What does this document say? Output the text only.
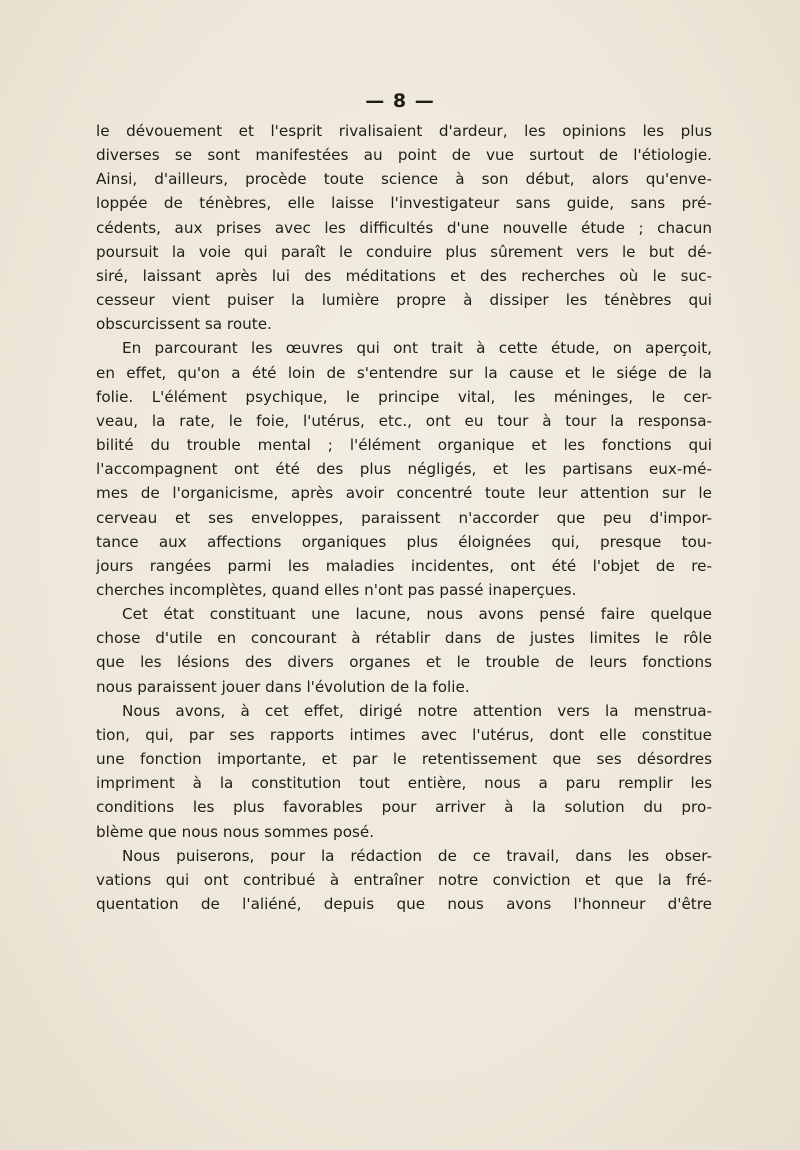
— 8 —
le dévouement et l'esprit rivalisaient d'ardeur, les opinions les plus
diverses se sont manifestées au point de vue surtout de l'étiologie.
Ainsi, d'ailleurs, procède toute science à son début, alors qu'enve-
loppée de ténèbres, elle laisse l'investigateur sans guide, sans pré-
cédents, aux prises avec les difficultés d'une nouvelle étude ; chacun
poursuit la voie qui paraît le conduire plus sûrement vers le but dé-
siré, laissant après lui des méditations et des recherches où le suc-
cesseur vient puiser la lumière propre à dissiper les ténèbres qui
obscurcissent sa route.
En parcourant les œuvres qui ont trait à cette étude, on aperçoit,
en effet, qu'on a été loin de s'entendre sur la cause et le siége de la
folie. L'élément psychique, le principe vital, les méninges, le cer-
veau, la rate, le foie, l'utérus, etc., ont eu tour à tour la responsa-
bilité du trouble mental ; l'élément organique et les fonctions qui
l'accompagnent ont été des plus négligés, et les partisans eux-mé-
mes de l'organicisme, après avoir concentré toute leur attention sur le
cerveau et ses enveloppes, paraissent n'accorder que peu d'impor-
tance aux affections organiques plus éloignées qui, presque tou-
jours rangées parmi les maladies incidentes, ont été l'objet de re-
cherches incomplètes, quand elles n'ont pas passé inaperçues.
Cet état constituant une lacune, nous avons pensé faire quelque
chose d'utile en concourant à rétablir dans de justes limites le rôle
que les lésions des divers organes et le trouble de leurs fonctions
nous paraissent jouer dans l'évolution de la folie.
Nous avons, à cet effet, dirigé notre attention vers la menstrua-
tion, qui, par ses rapports intimes avec l'utérus, dont elle constitue
une fonction importante, et par le retentissement que ses désordres
impriment à la constitution tout entière, nous a paru remplir les
conditions les plus favorables pour arriver à la solution du pro-
blème que nous nous sommes posé.
Nous puiserons, pour la rédaction de ce travail, dans les obser-
vations qui ont contribué à entraîner notre conviction et que la fré-
quentation de l'aliéné, depuis que nous avons l'honneur d'être
